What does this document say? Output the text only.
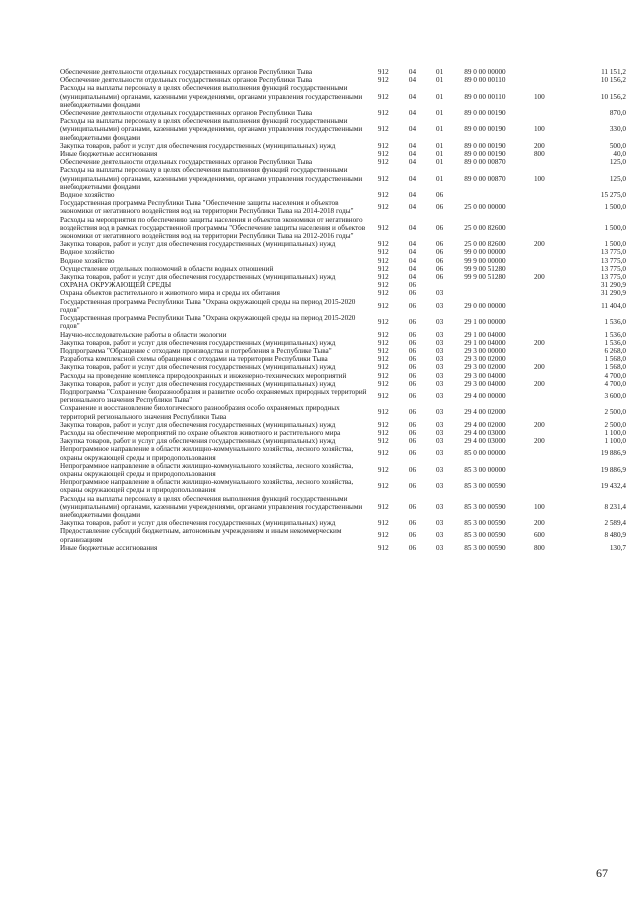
Обеспечение деятельности отдельных государственных органов Республики Тыва	912	04	01	89 0 00 00000		11 151,2
Обеспечение деятельности отдельных государственных органов Республики Тыва	912	04	01	89 0 00 00110		10 156,2
Расходы на выплаты персоналу в целях обеспечения выполнения функций государственными (муниципальными) органами, казенными учреждениями, органами управления государственными внебюджетными фондами	912	04	01	89 0 00 00110	100	10 156,2
Обеспечение деятельности отдельных государственных органов Республики Тыва	912	04	01	89 0 00 00190		870,0
Расходы на выплаты персоналу в целях обеспечения выполнения функций государственными (муниципальными) органами, казенными учреждениями, органами управления государственными внебюджетными фондами	912	04	01	89 0 00 00190	100	330,0
Закупка товаров, работ и услуг для обеспечения государственных (муниципальных) нужд	912	04	01	89 0 00 00190	200	500,0
Иные бюджетные ассигнования	912	04	01	89 0 00 00190	800	40,0
Обеспечение деятельности отдельных государственных органов Республики Тыва	912	04	01	89 0 00 00870		125,0
Расходы на выплаты персоналу в целях обеспечения выполнения функций государственными (муниципальными) органами, казенными учреждениями, органами управления государственными внебюджетными фондами	912	04	01	89 0 00 00870	100	125,0
Водное хозяйство	912	04	06			15 275,0
Государственная программа Республики Тыва "Обеспечение защиты населения и объектов экономики от негативного воздействия вод на территории Республики Тыва на 2014-2018 годы"	912	04	06	25 0 00 00000		1 500,0
Расходы на мероприятия по обеспечению защиты населения и объектов экономики от негативного воздействия вод в рамках государственной программы "Обеспечение защиты населения и объектов экономики от негативного воздействия вод на территории Республики Тыва на 2012-2016 годы"	912	04	06	25 0 00 82600		1 500,0
Закупка товаров, работ и услуг для обеспечения государственных (муниципальных) нужд	912	04	06	25 0 00 82600	200	1 500,0
Водное хозяйство	912	04	06	99 0 00 00000		13 775,0
Водное хозяйство	912	04	06	99 9 00 00000		13 775,0
Осуществление отдельных полномочий в области водных отношений	912	04	06	99 9 00 51280		13 775,0
Закупка товаров, работ и услуг для обеспечения государственных (муниципальных) нужд	912	04	06	99 9 00 51280	200	13 775,0
ОХРАНА ОКРУЖАЮЩЕЙ СРЕДЫ	912	06				31 290,9
Охрана объектов растительного и животного мира и среды их обитания	912	06	03			31 290,9
Государственная программа Республики Тыва "Охрана окружающей среды на период 2015-2020 годов"	912	06	03	29 0 00 00000		11 404,0
Государственная программа Республики Тыва "Охрана окружающей среды на период 2015-2020 годов"	912	06	03	29 1 00 00000		1 536,0
Научно-исследовательские работы в области экологии	912	06	03	29 1 00 04000		1 536,0
Закупка товаров, работ и услуг для обеспечения государственных (муниципальных) нужд	912	06	03	29 1 00 04000	200	1 536,0
Подпрограмма "Обращение с отходами производства и потребления в Республике Тыва"	912	06	03	29 3 00 00000		6 268,0
Разработка комплексной схемы обращения с отходами на территории Республики Тыва	912	06	03	29 3 00 02000		1 568,0
Закупка товаров, работ и услуг для обеспечения государственных (муниципальных) нужд	912	06	03	29 3 00 02000	200	1 568,0
Расходы на проведение комплекса природоохранных и инженерно-технических мероприятий	912	06	03	29 3 00 04000		4 700,0
Закупка товаров, работ и услуг для обеспечения государственных (муниципальных) нужд	912	06	03	29 3 00 04000	200	4 700,0
Подпрограмма "Сохранение биоразнообразия и развитие особо охраняемых природных территорий регионального значения Республики Тыва"	912	06	03	29 4 00 00000		3 600,0
Сохранение и восстановление биологического разнообразия особо охраняемых природных территорий регионального значения Республики Тыва	912	06	03	29 4 00 02000		2 500,0
Закупка товаров, работ и услуг для обеспечения государственных (муниципальных) нужд	912	06	03	29 4 00 02000	200	2 500,0
Расходы на обеспечение мероприятий по охране объектов животного и растительного мира	912	06	03	29 4 00 03000		1 100,0
Закупка товаров, работ и услуг для обеспечения государственных (муниципальных) нужд	912	06	03	29 4 00 03000	200	1 100,0
Непрограммное направление в области жилищно-коммунального хозяйства, лесного хозяйства, охраны окружающей среды и природопользования	912	06	03	85 0 00 00000		19 886,9
Непрограммное направление в области жилищно-коммунального хозяйства, лесного хозяйства, охраны окружающей среды и природопользования	912	06	03	85 3 00 00000		19 886,9
Непрограммное направление в области жилищно-коммунального хозяйства, лесного хозяйства, охраны окружающей среды и природопользования	912	06	03	85 3 00 00590		19 432,4
Расходы на выплаты персоналу в целях обеспечения выполнения функций государственными (муниципальными) органами, казенными учреждениями, органами управления государственными внебюджетными фондами	912	06	03	85 3 00 00590	100	8 231,4
Закупка товаров, работ и услуг для обеспечения государственных (муниципальных) нужд	912	06	03	85 3 00 00590	200	2 589,4
Предоставление субсидий бюджетным, автономным учреждениям и иным некоммерческим организациям	912	06	03	85 3 00 00590	600	8 480,9
Иные бюджетные ассигнования	912	06	03	85 3 00 00590	800	130,7
67
